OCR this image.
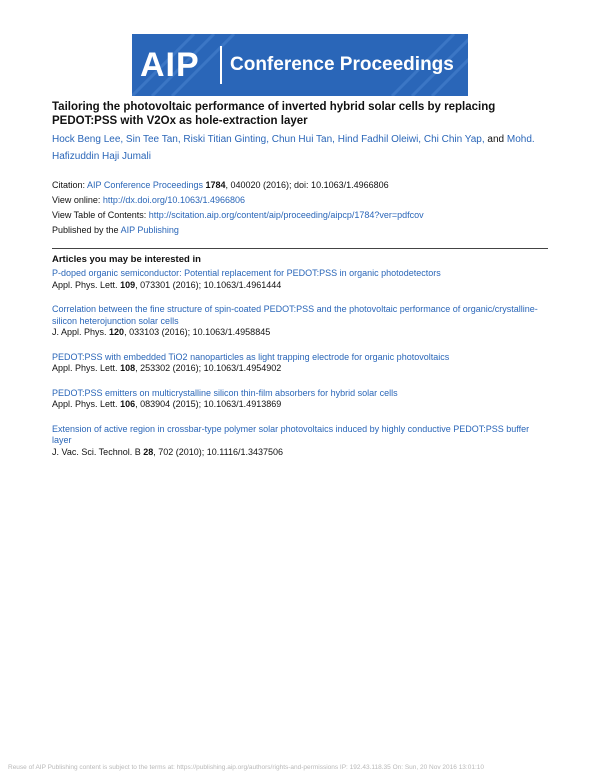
AIP Conference Proceedings
Tailoring the photovoltaic performance of inverted hybrid solar cells by replacing PEDOT:PSS with V2Ox as hole-extraction layer
Hock Beng Lee, Sin Tee Tan, Riski Titian Ginting, Chun Hui Tan, Hind Fadhil Oleiwi, Chi Chin Yap, and Mohd.
Hafizuddin Haji Jumali
Citation: AIP Conference Proceedings 1784, 040020 (2016); doi: 10.1063/1.4966806
View online: http://dx.doi.org/10.1063/1.4966806
View Table of Contents: http://scitation.aip.org/content/aip/proceeding/aipcp/1784?ver=pdfcov
Published by the AIP Publishing
Articles you may be interested in
P-doped organic semiconductor: Potential replacement for PEDOT:PSS in organic photodetectors
Appl. Phys. Lett. 109, 073301 (2016); 10.1063/1.4961444
Correlation between the fine structure of spin-coated PEDOT:PSS and the photovoltaic performance of organic/crystalline-silicon heterojunction solar cells
J. Appl. Phys. 120, 033103 (2016); 10.1063/1.4958845
PEDOT:PSS with embedded TiO2 nanoparticles as light trapping electrode for organic photovoltaics
Appl. Phys. Lett. 108, 253302 (2016); 10.1063/1.4954902
PEDOT:PSS emitters on multicrystalline silicon thin-film absorbers for hybrid solar cells
Appl. Phys. Lett. 106, 083904 (2015); 10.1063/1.4913869
Extension of active region in crossbar-type polymer solar photovoltaics induced by highly conductive PEDOT:PSS buffer layer
J. Vac. Sci. Technol. B 28, 702 (2010); 10.1116/1.3437506
Reuse of AIP Publishing content is subject to the terms at: https://publishing.aip.org/authors/rights-and-permissions IP: 192.43.118.35 On: Sun, 20 Nov 2016 13:01:10
